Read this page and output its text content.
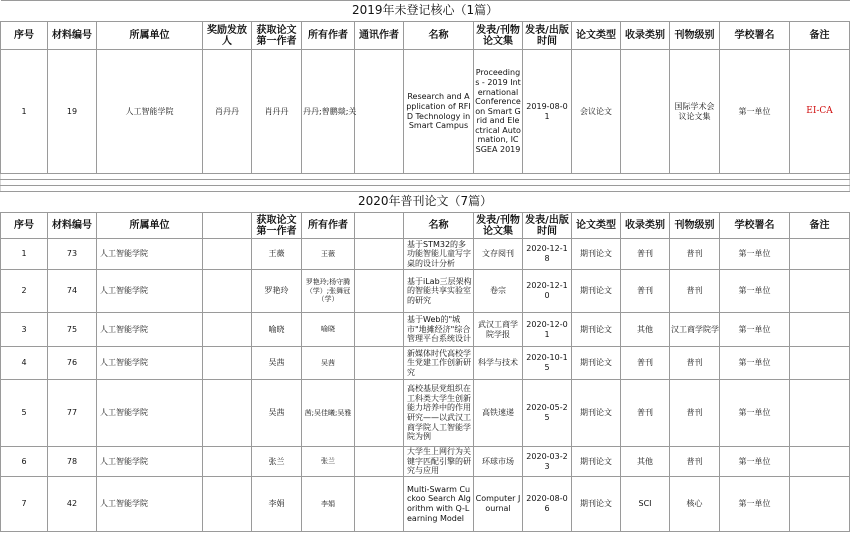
2019年未登记核心（1篇）														
序号	材料编号	所属单位	奖励发放人	获取论文第一作者	所有作者	通讯作者	名称	发表/刊物论文集	发表/出版时间	论文类型	收录类别	刊物级别	学校署名	备注
1	19	人工智能学院	肖丹丹	肖丹丹	丹丹;曾鹏燚;关		Research and Application of RFID Technology in Smart Campus	Proceedings - 2019 International Conference on Smart Grid and Electrical Automation, ICSGEA 2019	2019-08-01	会议论文		国际学术会议论文集	第一单位	EI-CA

2020年普刊论文（7篇）														
序号	材料编号	所属单位		获取论文第一作者	所有作者		名称	发表/刊物论文集	发表/出版时间	论文类型	收录类别	刊物级别	学校署名	备注
1	73	人工智能学院		王薇	王薇		基于STM32的多功能智能儿童写字桌的设计分析	文存阅刊	2020-12-18	期刊论文	普刊	普刊	第一单位	
2	74	人工智能学院		罗艳玲	罗艳玲;杨守腾（学）;张舞冠（学）		基于iLab三层架构的智能共享实验室的研究	卷宗	2020-12-10	期刊论文	普刊	普刊	第一单位	
3	75	人工智能学院		喻晓	喻晓		基于Web的"城市"地摊经济"综合管理平台系统设计	武汉工商学院学报	2020-12-01	期刊论文	其他	汉工商学院学	第一单位	
4	76	人工智能学院		吴茜	吴茜		新媒体时代高校学生党建工作创新研究	科学与技术	2020-10-15	期刊论文	普刊	普刊	第一单位	
5	77	人工智能学院		吴茜	茜;吴佳曦;吴雅		高校基层党组织在工科类大学生创新能力培养中的作用研究——以武汉工商学院人工智能学院为例	高铁速递	2020-05-25	期刊论文	普刊	普刊	第一单位	
6	78	人工智能学院		张兰	张兰		大学生上网行为关键字匹配引擎的研究与应用	环球市场	2020-03-23	期刊论文	其他	普刊	第一单位	
7	42	人工智能学院		李娟	李娟		Multi-Swarm Cuckoo Search Algorithm with Q-Learning Model	Computer Journal	2020-08-06	期刊论文	SCI	核心	第一单位	
